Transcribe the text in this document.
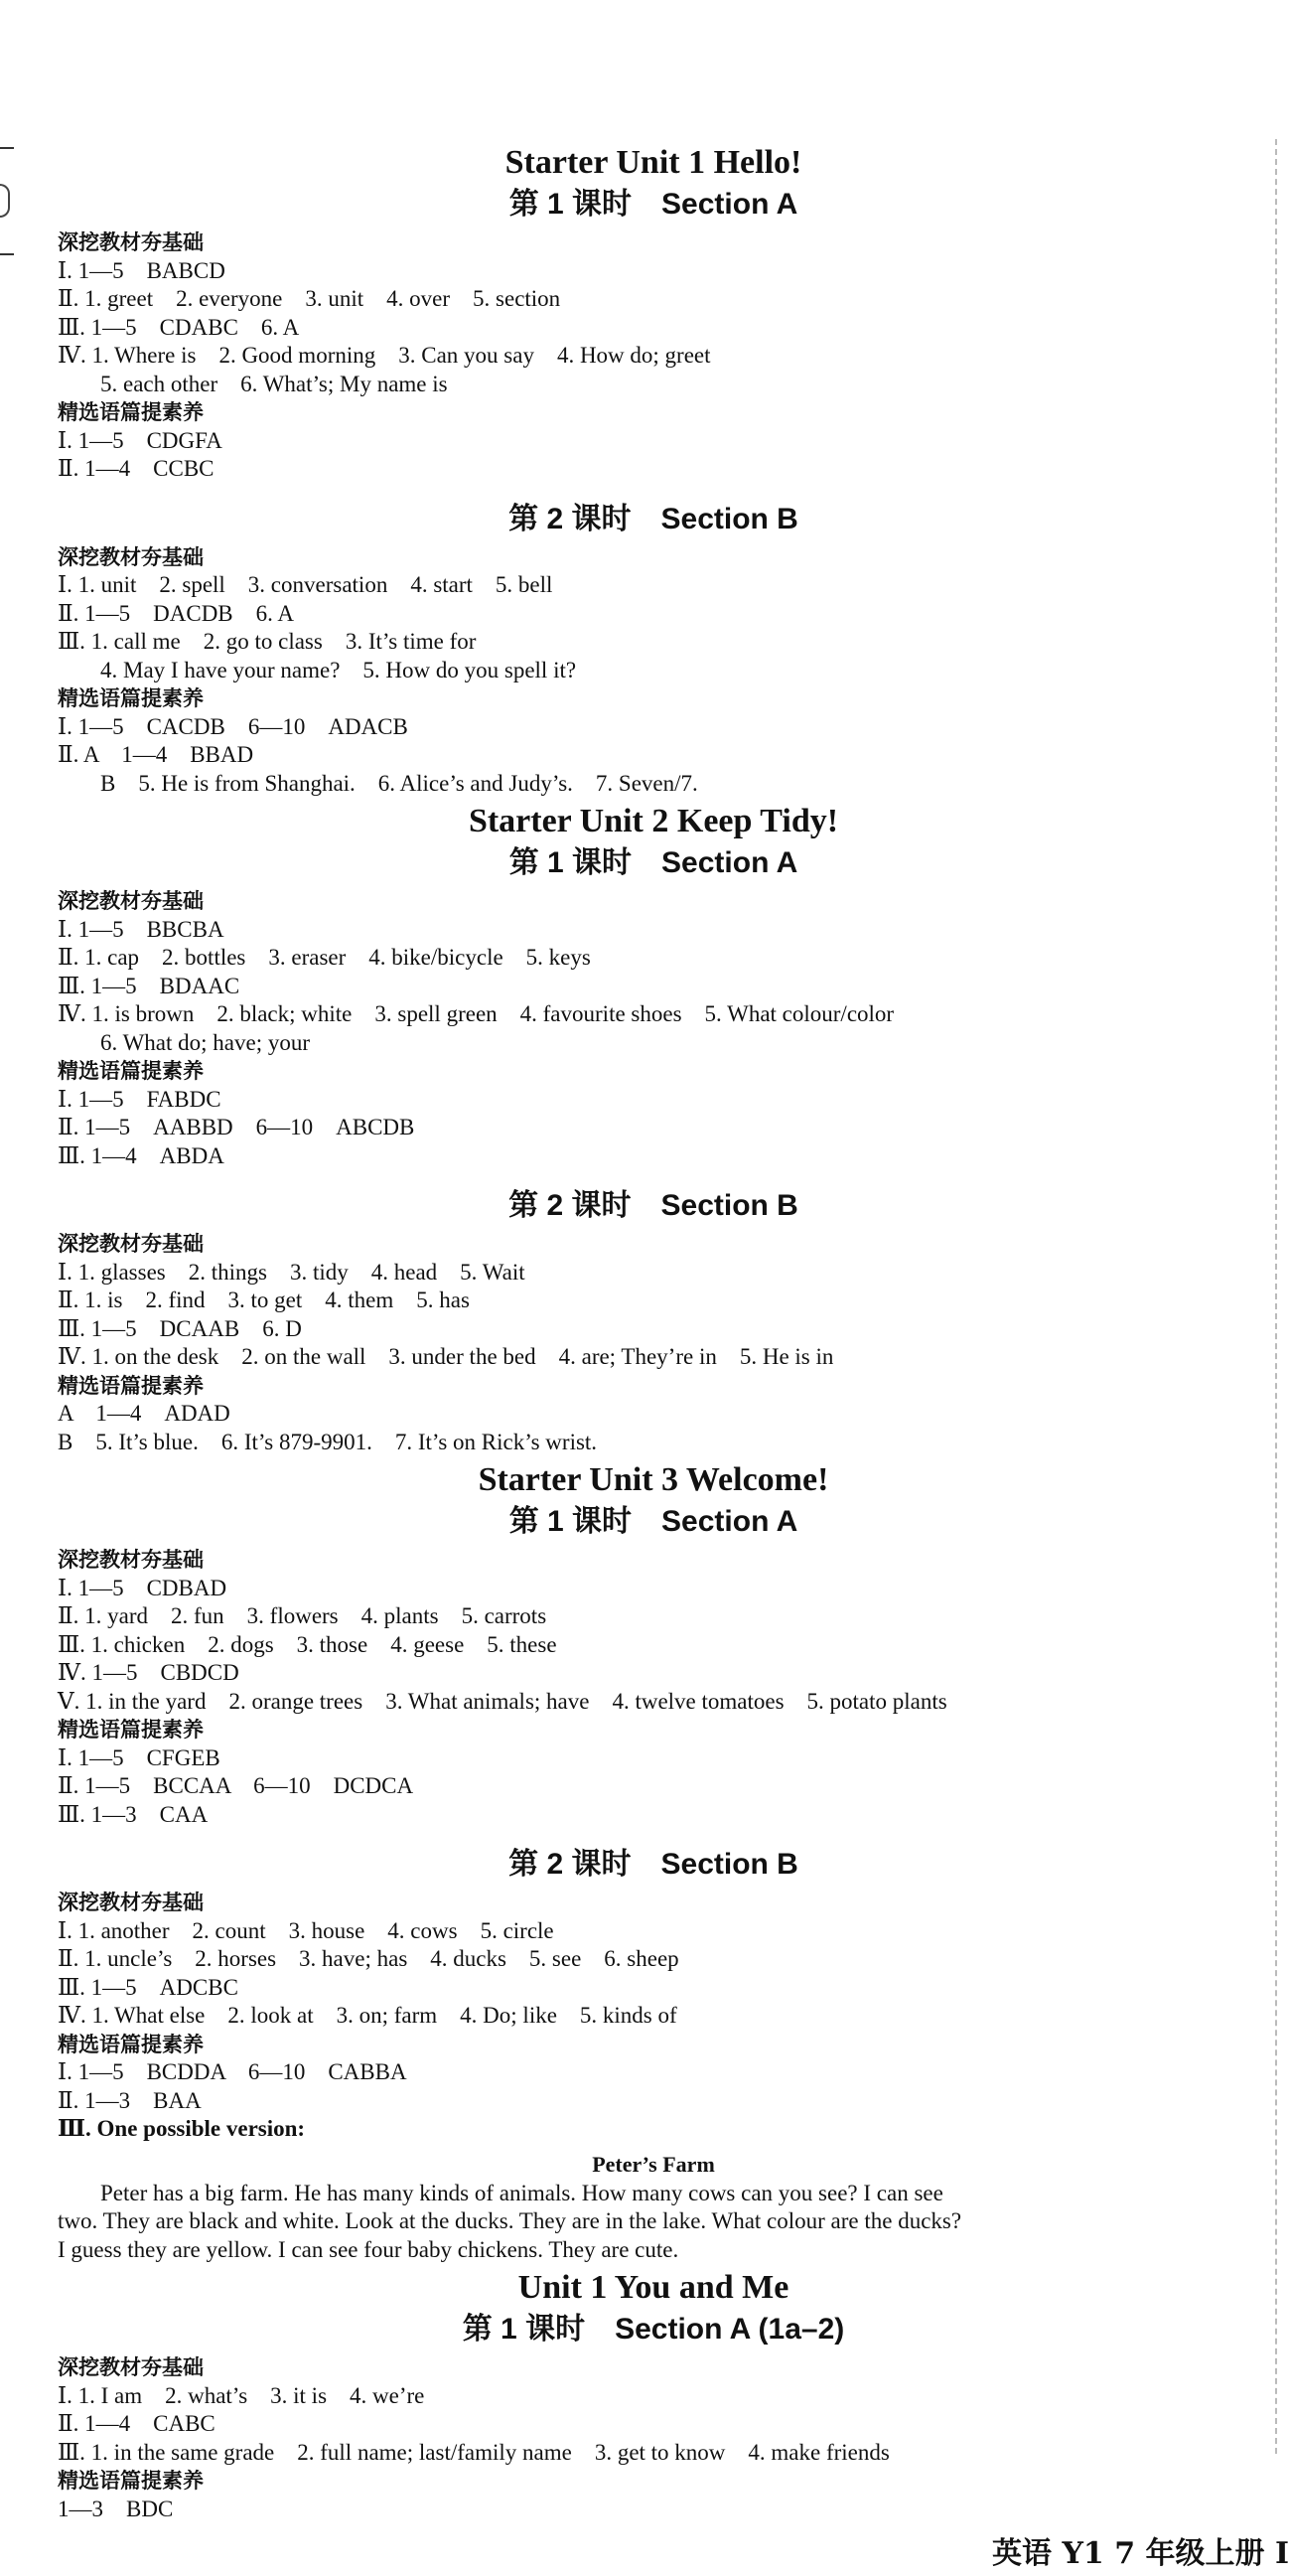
Starter Unit 1 Hello!
第 1 课时　Section A
深挖教材夯基础
Ⅰ. 1—5　BABCD
Ⅱ. 1. greet　2. everyone　3. unit　4. over　5. section
Ⅲ. 1—5　CDABC　6. A
Ⅳ. 1. Where is　2. Good morning　3. Can you say　4. How do; greet
5. each other　6. What’s; My name is
精选语篇提素养
Ⅰ. 1—5　CDGFA
Ⅱ. 1—4　CCBC
第 2 课时　Section B
深挖教材夯基础
Ⅰ. 1. unit　2. spell　3. conversation　4. start　5. bell
Ⅱ. 1—5　DACDB　6. A
Ⅲ. 1. call me　2. go to class　3. It’s time for
4. May I have your name?　5. How do you spell it?
精选语篇提素养
Ⅰ. 1—5　CACDB　6—10　ADACB
Ⅱ. A　1—4　BBAD
B　5. He is from Shanghai.　6. Alice’s and Judy’s.　7. Seven/7.
Starter Unit 2 Keep Tidy!
第 1 课时　Section A
深挖教材夯基础
Ⅰ. 1—5　BBCBA
Ⅱ. 1. cap　2. bottles　3. eraser　4. bike/bicycle　5. keys
Ⅲ. 1—5　BDAAC
Ⅳ. 1. is brown　2. black; white　3. spell green　4. favourite shoes　5. What colour/color
6. What do; have; your
精选语篇提素养
Ⅰ. 1—5　FABDC
Ⅱ. 1—5　AABBD　6—10　ABCDB
Ⅲ. 1—4　ABDA
第 2 课时　Section B
深挖教材夯基础
Ⅰ. 1. glasses　2. things　3. tidy　4. head　5. Wait
Ⅱ. 1. is　2. find　3. to get　4. them　5. has
Ⅲ. 1—5　DCAAB　6. D
Ⅳ. 1. on the desk　2. on the wall　3. under the bed　4. are; They’re in　5. He is in
精选语篇提素养
A　1—4　ADAD
B　5. It’s blue.　6. It’s 879-9901.　7. It’s on Rick’s wrist.
Starter Unit 3 Welcome!
第 1 课时　Section A
深挖教材夯基础
Ⅰ. 1—5　CDBAD
Ⅱ. 1. yard　2. fun　3. flowers　4. plants　5. carrots
Ⅲ. 1. chicken　2. dogs　3. those　4. geese　5. these
Ⅳ. 1—5　CBDCD
Ⅴ. 1. in the yard　2. orange trees　3. What animals; have　4. twelve tomatoes　5. potato plants
精选语篇提素养
Ⅰ. 1—5　CFGEB
Ⅱ. 1—5　BCCAA　6—10　DCDCA
Ⅲ. 1—3　CAA
第 2 课时　Section B
深挖教材夯基础
Ⅰ. 1. another　2. count　3. house　4. cows　5. circle
Ⅱ. 1. uncle’s　2. horses　3. have; has　4. ducks　5. see　6. sheep
Ⅲ. 1—5　ADCBC
Ⅳ. 1. What else　2. look at　3. on; farm　4. Do; like　5. kinds of
精选语篇提素养
Ⅰ. 1—5　BCDDA　6—10　CABBA
Ⅱ. 1—3　BAA
Ⅲ. One possible version:
Peter’s Farm

Peter has a big farm. He has many kinds of animals. How many cows can you see? I can see

two. They are black and white. Look at the ducks. They are in the lake. What colour are the ducks?

I guess they are yellow. I can see four baby chickens. They are cute.

Unit 1 You and Me
第 1 课时　Section A (1a–2)
深挖教材夯基础
Ⅰ. 1. I am　2. what’s　3. it is　4. we’re
Ⅱ. 1—4　CABC
Ⅲ. 1. in the same grade　2. full name; last/family name　3. get to know　4. make friends
精选语篇提素养
1—3　BDC
英语 Y1 7 年级上册 I
